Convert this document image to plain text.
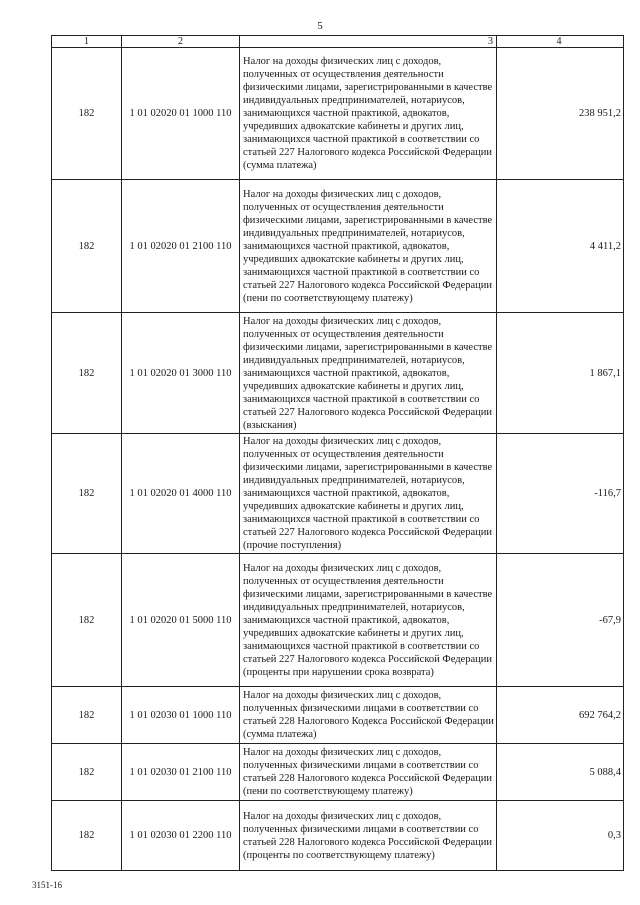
5
1	2	3	4
182	1 01 02020 01 1000 110	Налог на доходы физических лиц с доходов, полученных от осуществления деятельности физическими лицами, зарегистрированными в качестве индивидуальных предпринимателей, нотариусов, занимающихся частной практикой, адвокатов, учредивших адвокатские кабинеты и других лиц, занимающихся частной практикой в соответствии со статьей 227 Налогового кодекса Российской Федерации (сумма платежа)	238 951,2
182	1 01 02020 01 2100 110	Налог на доходы физических лиц с доходов, полученных от осуществления деятельности физическими лицами, зарегистрированными в качестве индивидуальных предпринимателей, нотариусов, занимающихся частной практикой, адвокатов, учредивших адвокатские кабинеты и других лиц, занимающихся частной практикой в соответствии со статьей 227 Налогового кодекса Российской Федерации (пени по соответствующему платежу)	4 411,2
182	1 01 02020 01 3000 110	Налог на доходы физических лиц с доходов, полученных от осуществления деятельности физическими лицами, зарегистрированными в качестве индивидуальных предпринимателей, нотариусов, занимающихся частной практикой, адвокатов, учредивших адвокатские кабинеты и других лиц, занимающихся частной практикой в соответствии со статьей 227 Налогового кодекса Российской Федерации (взыскания)	1 867,1
182	1 01 02020 01 4000 110	Налог на доходы физических лиц с доходов, полученных от осуществления деятельности физическими лицами, зарегистрированными в качестве индивидуальных предпринимателей, нотариусов, занимающихся частной практикой, адвокатов, учредивших адвокатские кабинеты и других лиц, занимающихся частной практикой в соответствии со статьей 227 Налогового кодекса Российской Федерации (прочие поступления)	-116,7
182	1 01 02020 01 5000 110	Налог на доходы физических лиц с доходов, полученных от осуществления деятельности физическими лицами, зарегистрированными в качестве индивидуальных предпринимателей, нотариусов, занимающихся частной практикой, адвокатов, учредивших адвокатские кабинеты и других лиц, занимающихся частной практикой в соответствии со статьей 227 Налогового кодекса Российской Федерации (проценты при нарушении срока возврата)	-67,9
182	1 01 02030 01 1000 110	Налог на доходы физических лиц с доходов, полученных физическими лицами в соответствии со статьей 228 Налогового Кодекса Российской Федерации (сумма платежа)	692 764,2
182	1 01 02030 01 2100 110	Налог на доходы физических лиц с доходов, полученных физическими лицами в соответствии со статьей 228 Налогового кодекса Российской Федерации (пени по соответствующему платежу)	5 088,4
182	1 01 02030 01 2200 110	Налог на доходы физических лиц с доходов, полученных физическими лицами в соответствии со статьей 228 Налогового кодекса Российской Федерации (проценты по соответствующему платежу)	0,3
3151-16
